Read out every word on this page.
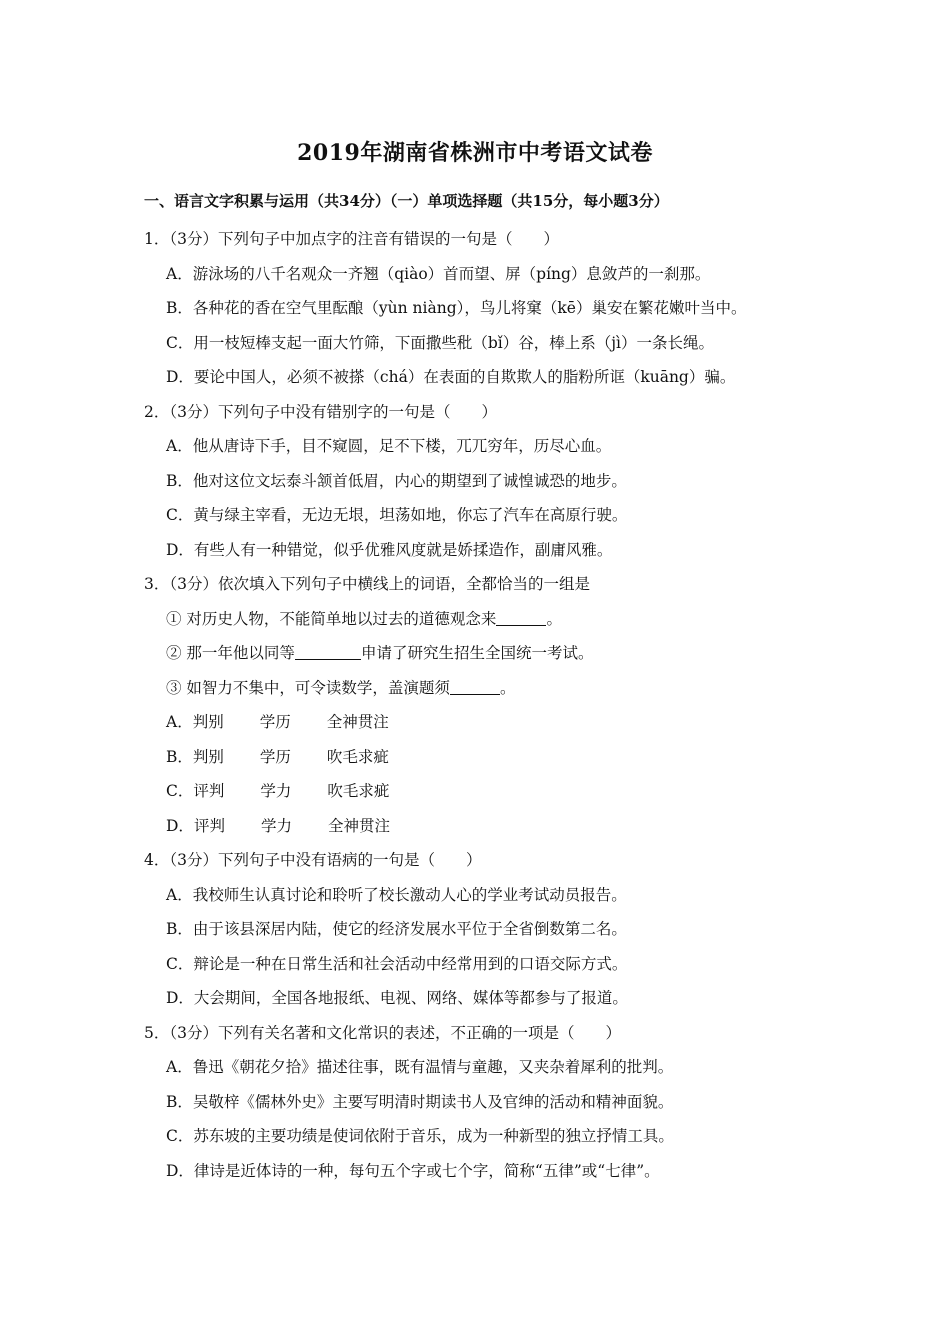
2019年湖南省株洲市中考语文试卷
一、语言文字积累与运用（共34分）（一）单项选择题（共15分，每小题3分）
1．（3分）下列句子中加点字的注音有错误的一句是（　　）
A．游泳场的八千名观众一齐翘（qiào）首而望、屏（píng）息敛芦的一刹那。
B．各种花的香在空气里酝酿（yùn niàng），鸟儿将窠（kē）巢安在繁花嫩叶当中。
C．用一枝短棒支起一面大竹筛，下面撒些秕（bǐ）谷，棒上系（jì）一条长绳。
D．要论中国人，必须不被搽（chá）在表面的自欺欺人的脂粉所诓（kuāng）骗。
2．（3分）下列句子中没有错别字的一句是（　　）
A．他从唐诗下手，目不窥圆，足不下楼，兀兀穷年，历尽心血。
B．他对这位文坛泰斗颔首低眉，内心的期望到了诚惶诚恐的地步。
C．黄与绿主宰看，无边无垠，坦荡如地，你忘了汽车在高原行驶。
D．有些人有一种错觉，似乎优雅风度就是娇揉造作，副庸风雅。
3．（3分）依次填入下列句子中横线上的词语，全都恰当的一组是
① 对历史人物，不能简单地以过去的道德观念来	。
② 那一年他以同等	申请了研究生招生全国统一考试。
③ 如智力不集中，可令读数学，盖演题须	。
A．判别 学历 全神贯注
B．判别 学历 吹毛求疵
C．评判 学力 吹毛求疵
D．评判 学力 全神贯注
4．（3分）下列句子中没有语病的一句是（　　）
A．我校师生认真讨论和聆听了校长激动人心的学业考试动员报告。
B．由于该县深居内陆，使它的经济发展水平位于全省倒数第二名。
C．辩论是一种在日常生活和社会活动中经常用到的口语交际方式。
D．大会期间，全国各地报纸、电视、网络、媒体等都参与了报道。
5．（3分）下列有关名著和文化常识的表述，不正确的一项是（　　）
A．鲁迅《朝花夕拾》描述往事，既有温情与童趣，又夹杂着犀利的批判。
B．吴敬梓《儒林外史》主要写明清时期读书人及官绅的活动和精神面貌。
C．苏东坡的主要功绩是使词依附于音乐，成为一种新型的独立抒情工具。
D．律诗是近体诗的一种，每句五个字或七个字，简称“五律”或“七律”。
